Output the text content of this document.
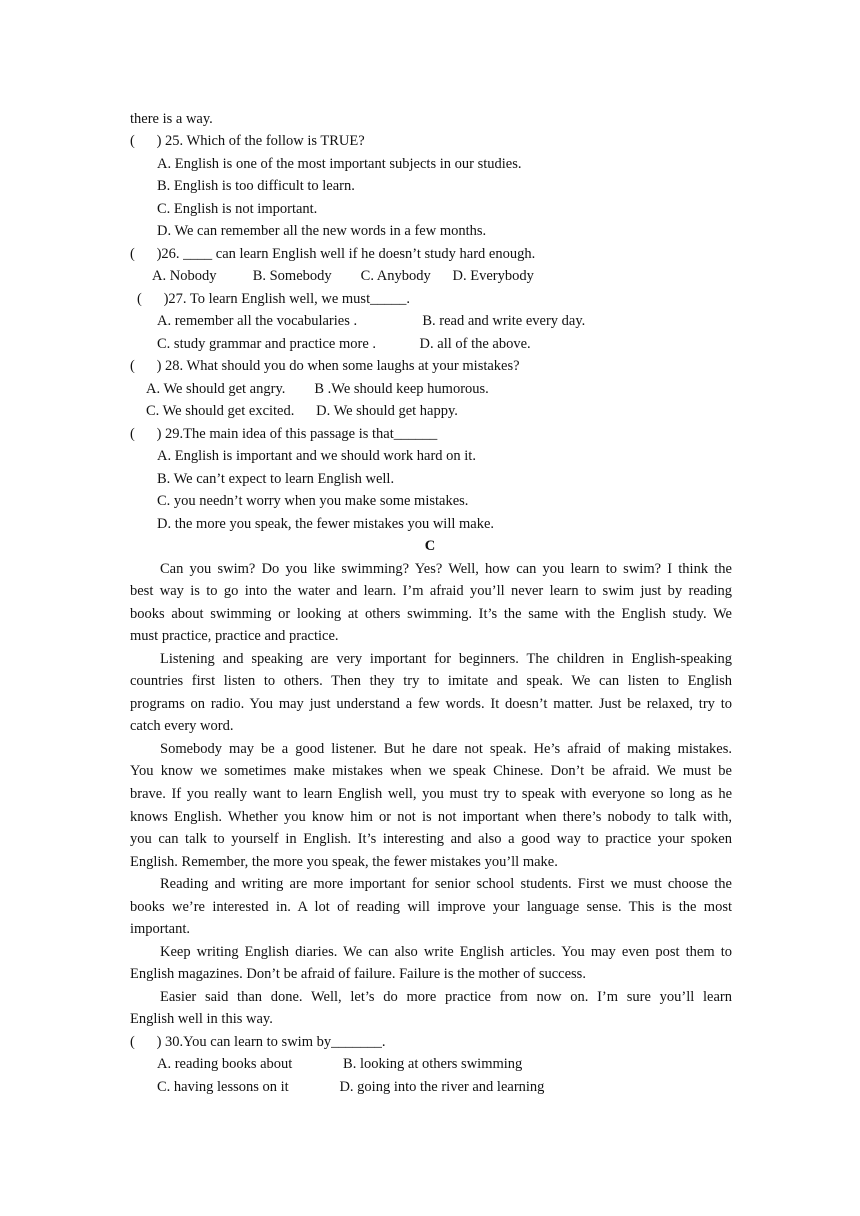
there is a way.
(      ) 25. Which of the follow is TRUE?
A. English is one of the most important subjects in our studies.
B. English is too difficult to learn.
C. English is not important.
D. We can remember all the new words in a few months.
(      )26. ____ can learn English well if he doesn’t study hard enough.
A. Nobody          B. Somebody        C. Anybody      D. Everybody
(      )27. To learn English well, we must_____.
A. remember all the vocabularies .                  B. read and write every day.
C. study grammar and practice more .            D. all of the above.
(      ) 28. What should you do when some laughs at your mistakes?
A. We should get angry.        B .We should keep humorous.
C. We should get excited.      D. We should get happy.
(      ) 29.The main idea of this passage is that______
A. English is important and we should work hard on it.
B. We can’t expect to learn English well.
C. you needn’t worry when you make some mistakes.
D. the more you speak, the fewer mistakes you will make.
C
Can you swim? Do you like swimming? Yes? Well, how can you learn to swim? I think the
best way is to go into the water and learn. I’m afraid you’ll never learn to swim just by reading
books about swimming or looking at others swimming. It’s the same with the English study. We
must practice, practice and practice.
Listening and speaking are very important for beginners. The children in English-speaking
countries first listen to others. Then they try to imitate and speak. We can listen to English
programs on radio. You may just understand a few words. It doesn’t matter. Just be relaxed, try to
catch every word.
Somebody may be a good listener. But he dare not speak. He’s afraid of making mistakes.
You know we sometimes make mistakes when we speak Chinese. Don’t be afraid. We must be
brave. If you really want to learn English well, you must try to speak with everyone so long as he
knows English. Whether you know him or not is not important when there’s nobody to talk with,
you can talk to yourself in English. It’s interesting and also a good way to practice your spoken
English. Remember, the more you speak, the fewer mistakes you’ll make.
Reading and writing are more important for senior school students. First we must choose the
books we’re interested in. A lot of reading will improve your language sense. This is the most
important.
Keep writing English diaries. We can also write English articles. You may even post them to
English magazines. Don’t be afraid of failure. Failure is the mother of success.
Easier said than done. Well, let’s do more practice from now on. I’m sure you’ll learn
English well in this way.
(      ) 30.You can learn to swim by_______.
A. reading books about              B. looking at others swimming
C. having lessons on it              D. going into the river and learning
